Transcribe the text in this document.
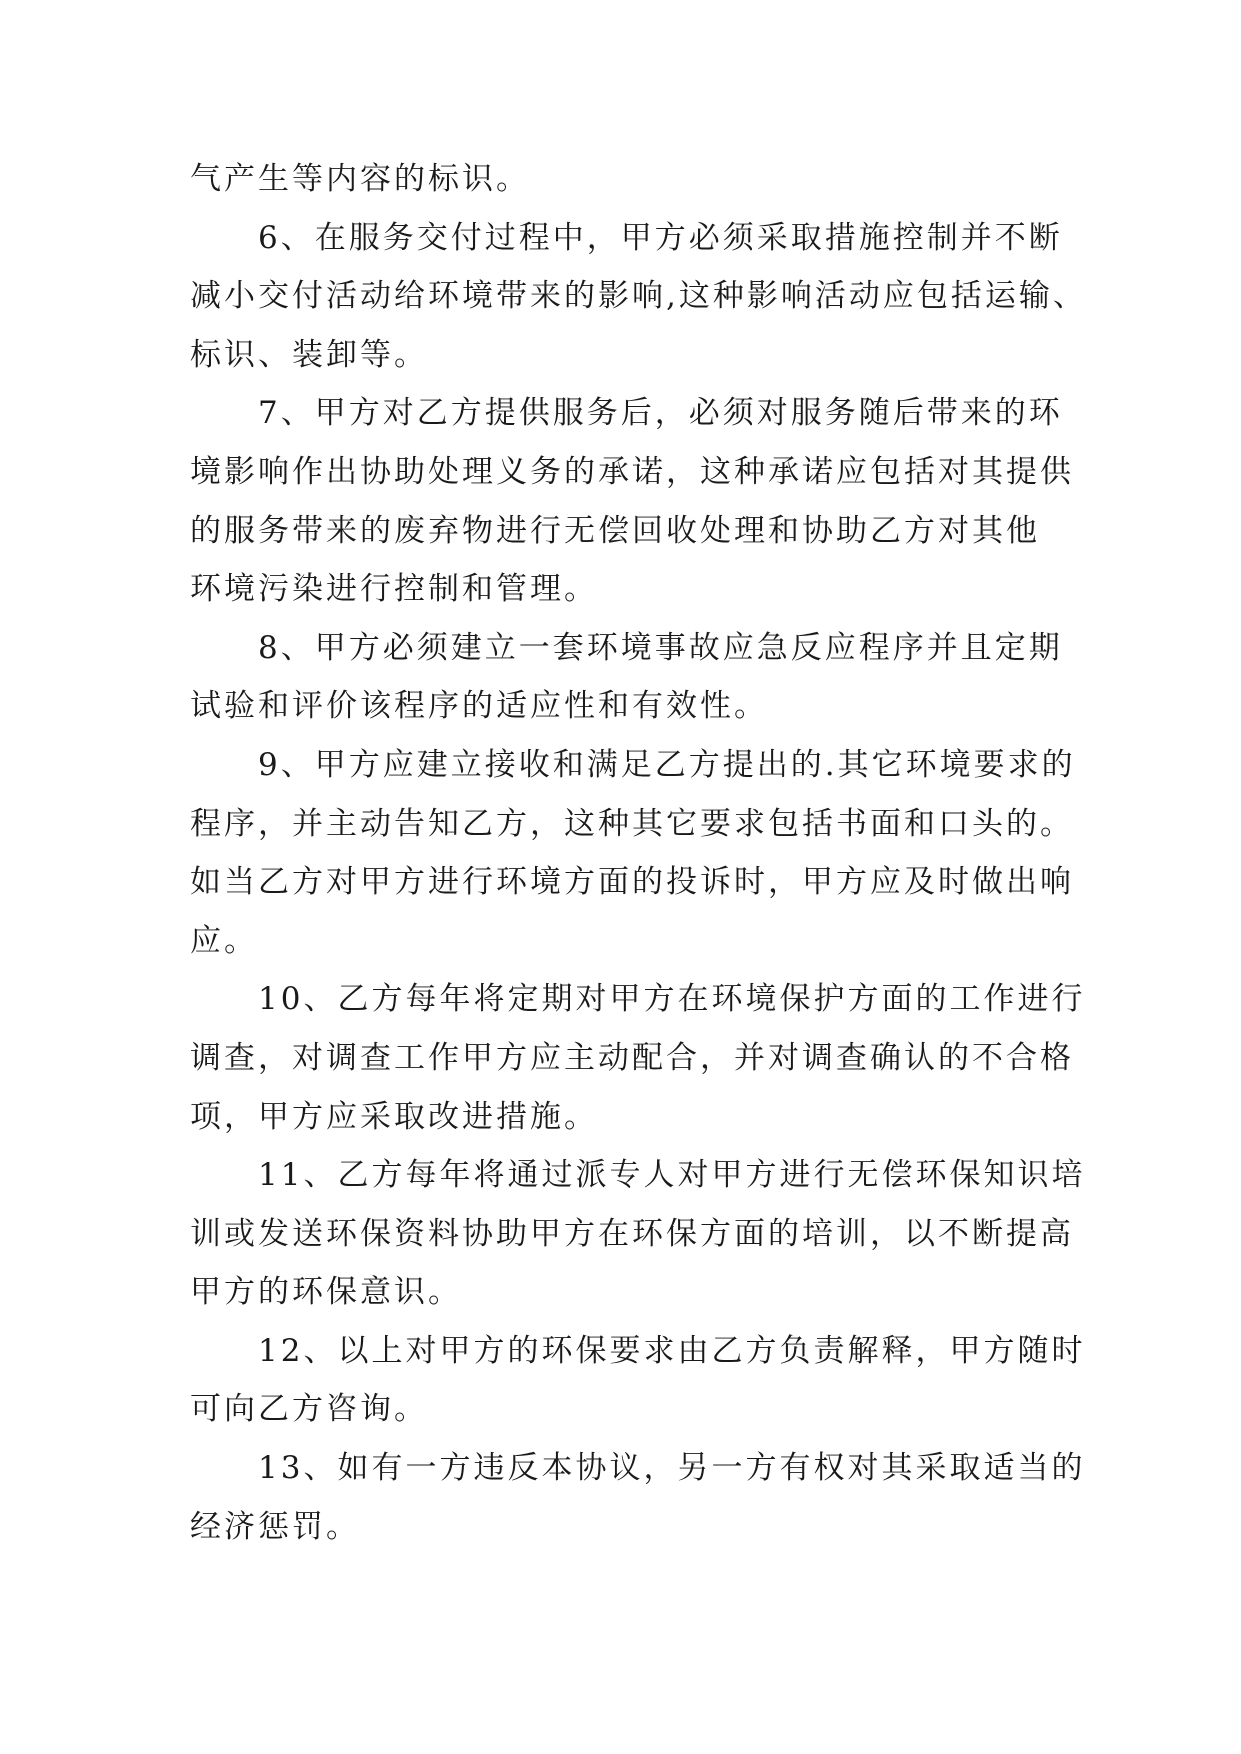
气产生等内容的标识。

6、在服务交付过程中，甲方必须采取措施控制并不断
减小交付活动给环境带来的影响,这种影响活动应包括运输、
标识、装卸等。

7、甲方对乙方提供服务后，必须对服务随后带来的环
境影响作出协助处理义务的承诺，这种承诺应包括对其提供
的服务带来的废弃物进行无偿回收处理和协助乙方对其他
环境污染进行控制和管理。

8、甲方必须建立一套环境事故应急反应程序并且定期
试验和评价该程序的适应性和有效性。

9、甲方应建立接收和满足乙方提出的.其它环境要求的
程序，并主动告知乙方，这种其它要求包括书面和口头的。
如当乙方对甲方进行环境方面的投诉时，甲方应及时做出响
应。

10、乙方每年将定期对甲方在环境保护方面的工作进行
调查，对调查工作甲方应主动配合，并对调查确认的不合格
项，甲方应采取改进措施。

11、乙方每年将通过派专人对甲方进行无偿环保知识培
训或发送环保资料协助甲方在环保方面的培训，以不断提高
甲方的环保意识。

12、以上对甲方的环保要求由乙方负责解释，甲方随时
可向乙方咨询。

13、如有一方违反本协议，另一方有权对其采取适当的
经济惩罚。
